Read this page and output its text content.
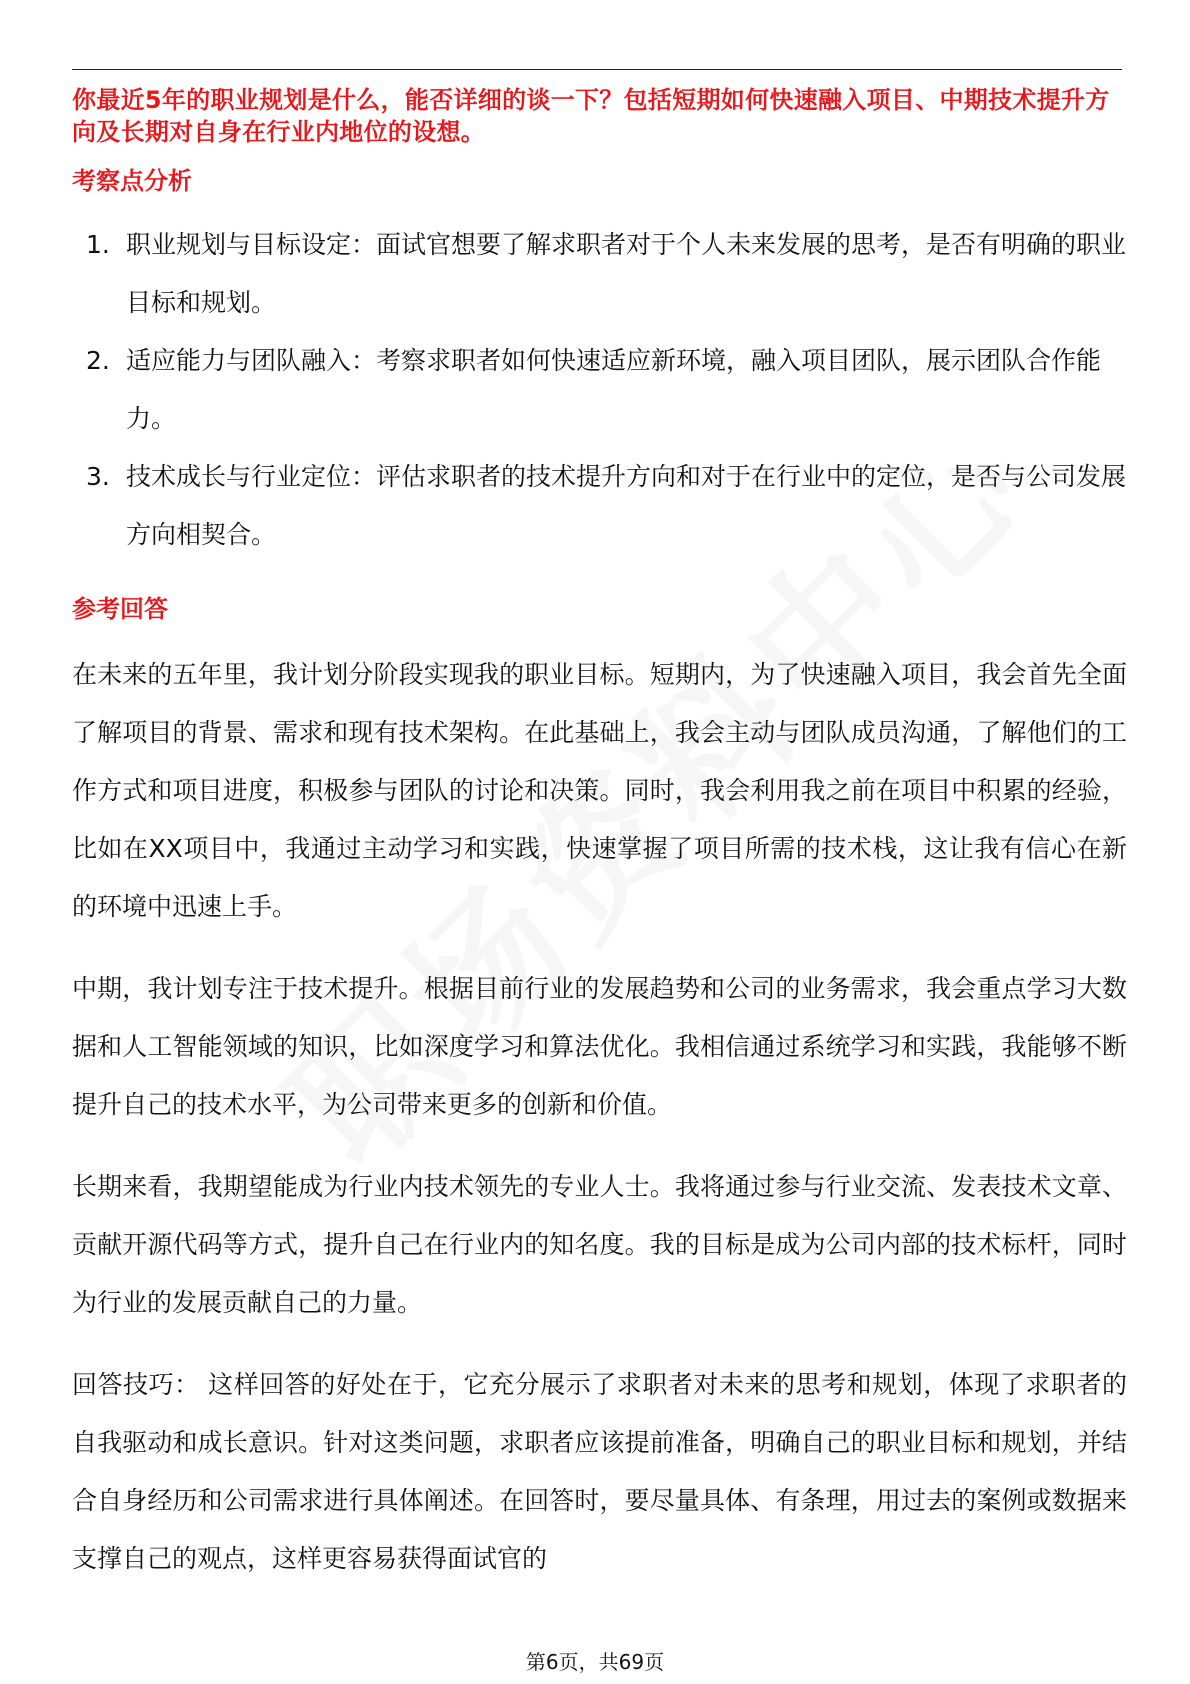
你最近5年的职业规划是什么，能否详细的谈一下？包括短期如何快速融入项目、中期技术提升方向及长期对自身在行业内地位的设想。

考察点分析
1. 职业规划与目标设定：面试官想要了解求职者对于个人未来发展的思考，是否有明确的职业目标和规划。
2. 适应能力与团队融入：考察求职者如何快速适应新环境，融入项目团队，展示团队合作能力。
3. 技术成长与行业定位：评估求职者的技术提升方向和对于在行业中的定位，是否与公司发展方向相契合。
参考回答

在未来的五年里，我计划分阶段实现我的职业目标。短期内，为了快速融入项目，我会首先全面了解项目的背景、需求和现有技术架构。在此基础上，我会主动与团队成员沟通，了解他们的工作方式和项目进度，积极参与团队的讨论和决策。同时，我会利用我之前在项目中积累的经验，比如在XX项目中，我通过主动学习和实践，快速掌握了项目所需的技术栈，这让我有信心在新的环境中迅速上手。

中期，我计划专注于技术提升。根据目前行业的发展趋势和公司的业务需求，我会重点学习大数据和人工智能领域的知识，比如深度学习和算法优化。我相信通过系统学习和实践，我能够不断提升自己的技术水平，为公司带来更多的创新和价值。

长期来看，我期望能成为行业内技术领先的专业人士。我将通过参与行业交流、发表技术文章、贡献开源代码等方式，提升自己在行业内的知名度。我的目标是成为公司内部的技术标杆，同时为行业的发展贡献自己的力量。

回答技巧： 这样回答的好处在于，它充分展示了求职者对未来的思考和规划，体现了求职者的自我驱动和成长意识。针对这类问题，求职者应该提前准备，明确自己的职业目标和规划，并结合自身经历和公司需求进行具体阐述。在回答时，要尽量具体、有条理，用过去的案例或数据来支撑自己的观点，这样更容易获得面试官的

第6页，共69页
